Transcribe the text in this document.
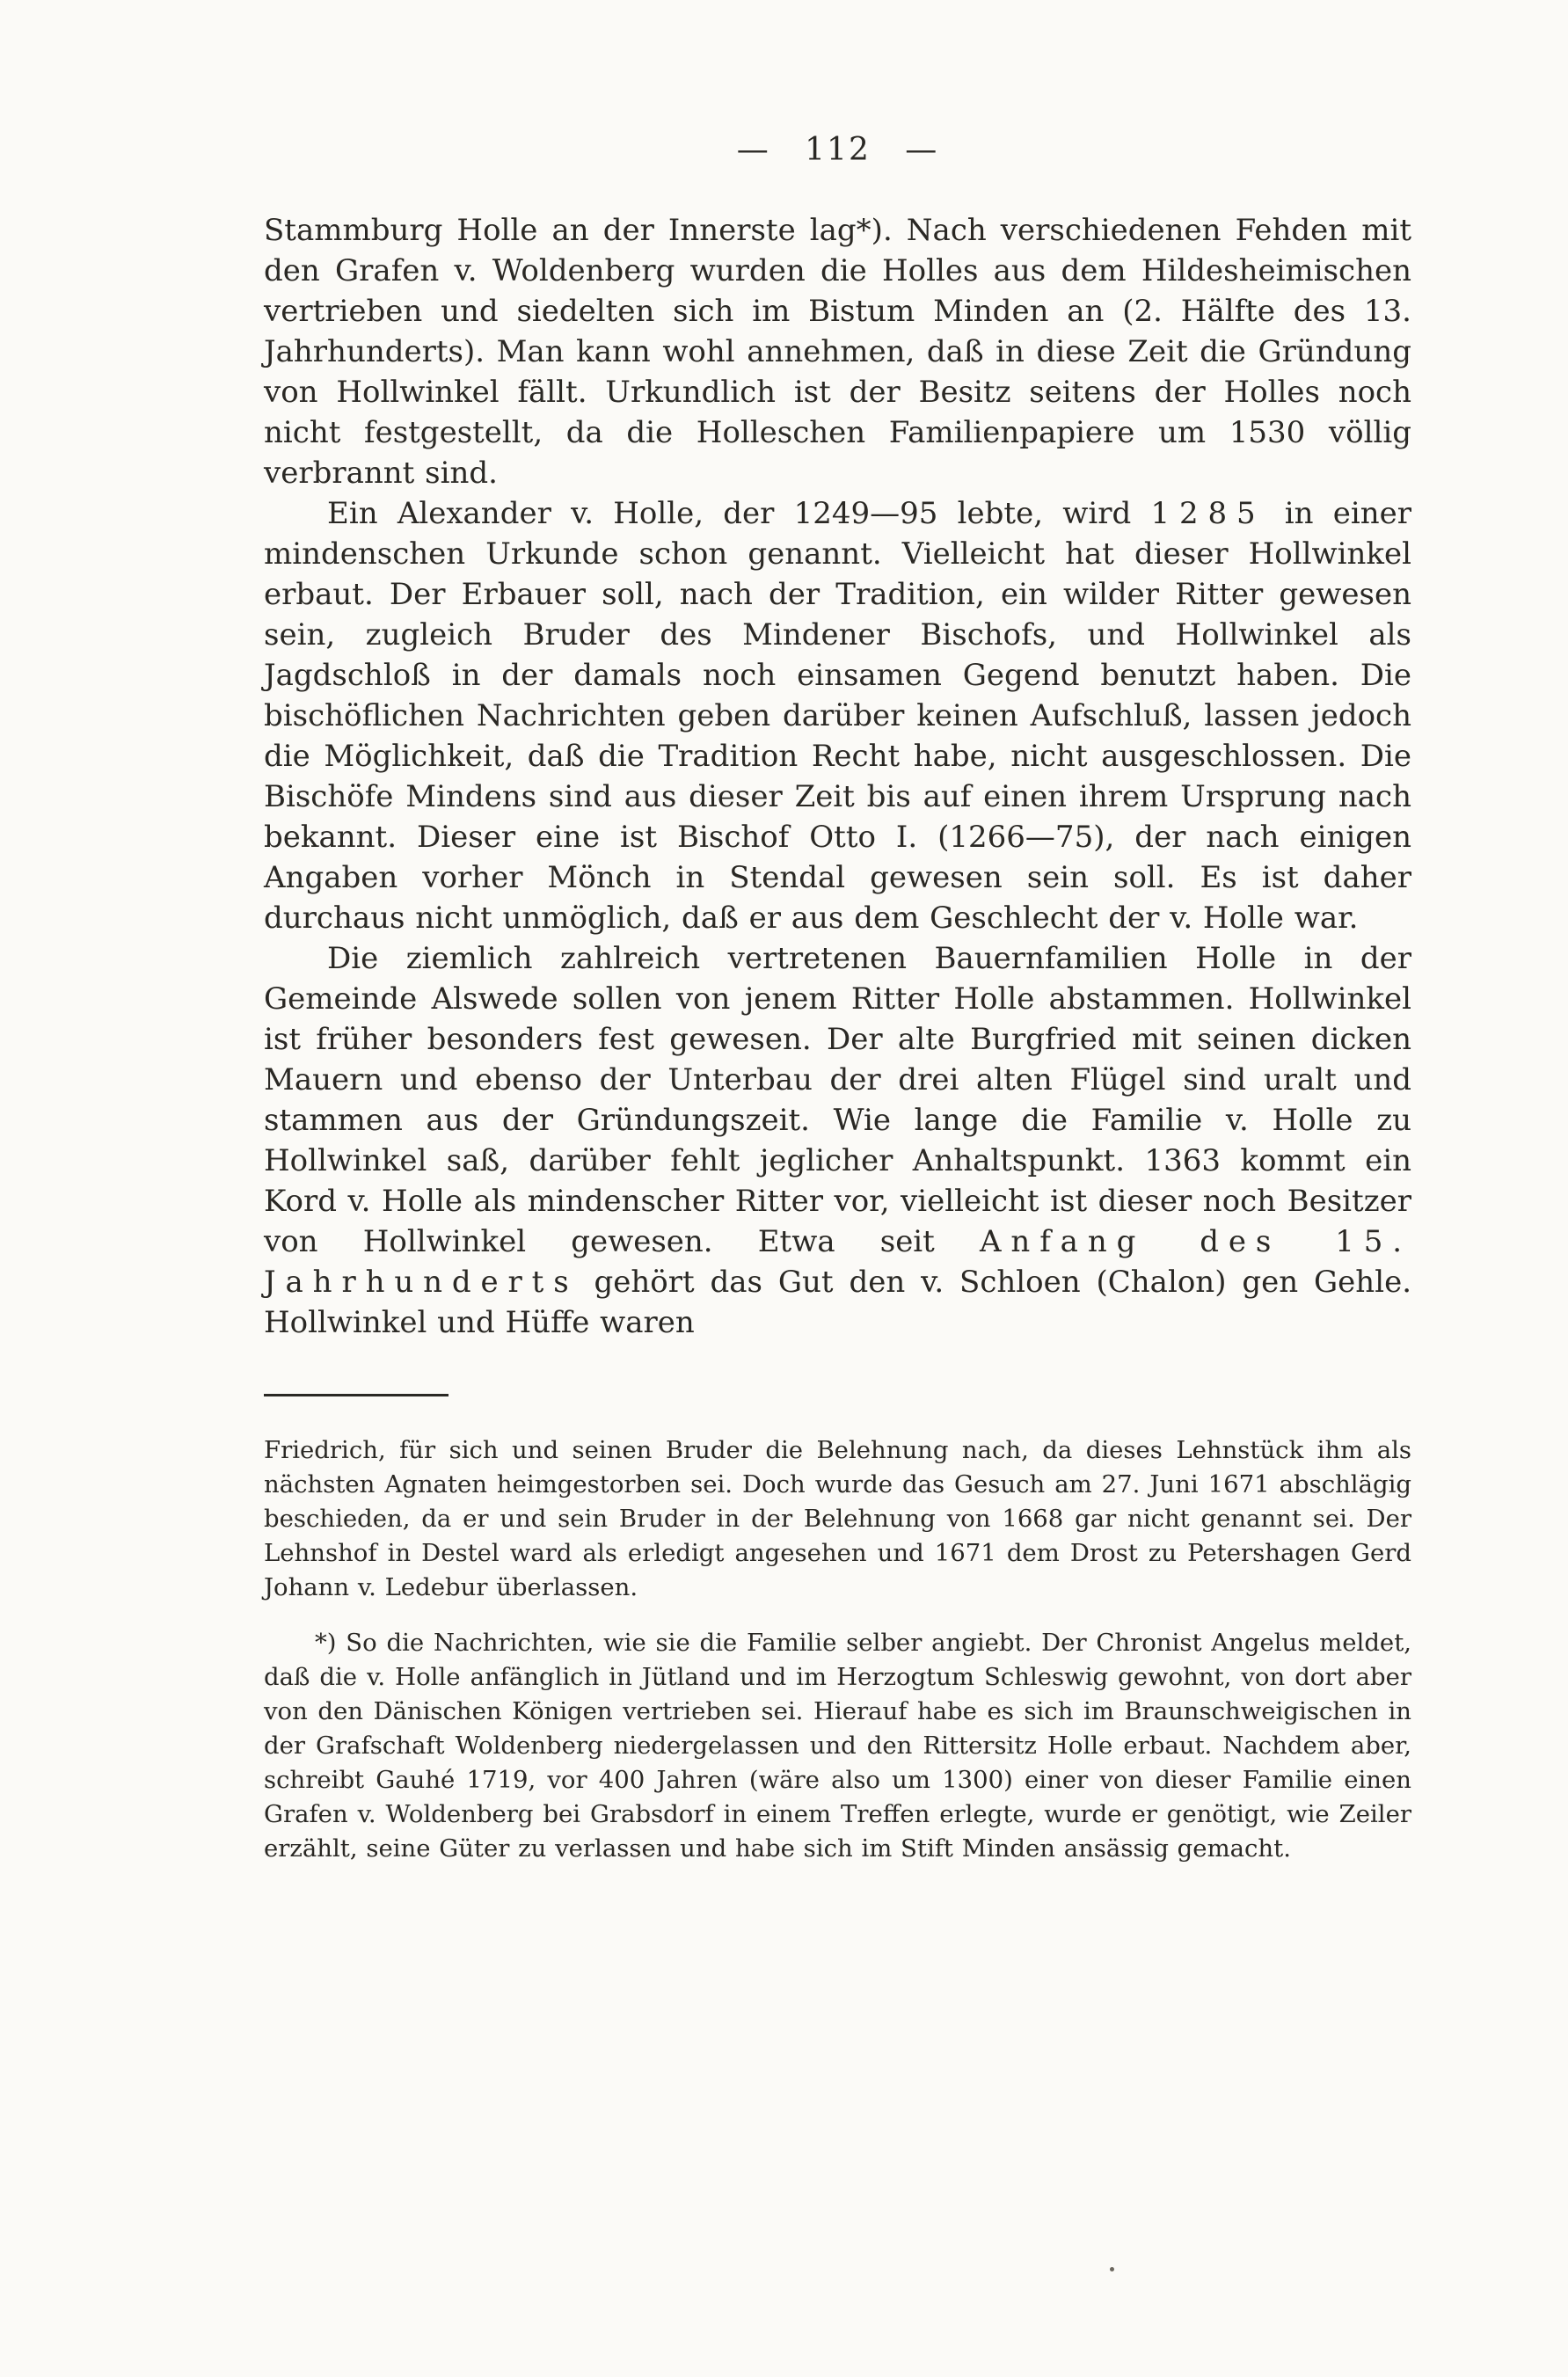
— 112 —

Stammburg Holle an der Innerste lag*). Nach verschiedenen Fehden mit den Grafen v. Woldenberg wurden die Holles aus dem Hildesheimischen vertrieben und siedelten sich im Bistum Minden an (2. Hälfte des 13. Jahrhunderts). Man kann wohl annehmen, daß in diese Zeit die Gründung von Hollwinkel fällt. Urkundlich ist der Besitz seitens der Holles noch nicht festgestellt, da die Holleschen Familienpapiere um 1530 völlig verbrannt sind.

Ein Alexander v. Holle, der 1249—95 lebte, wird 1285 in einer mindenschen Urkunde schon genannt. Vielleicht hat dieser Hollwinkel erbaut. Der Erbauer soll, nach der Tradition, ein wilder Ritter gewesen sein, zugleich Bruder des Mindener Bischofs, und Hollwinkel als Jagdschloß in der damals noch einsamen Gegend benutzt haben. Die bischöflichen Nachrichten geben darüber keinen Aufschluß, lassen jedoch die Möglichkeit, daß die Tradition Recht habe, nicht ausgeschlossen. Die Bischöfe Mindens sind aus dieser Zeit bis auf einen ihrem Ursprung nach bekannt. Dieser eine ist Bischof Otto I. (1266—75), der nach einigen Angaben vorher Mönch in Stendal gewesen sein soll. Es ist daher durchaus nicht unmöglich, daß er aus dem Geschlecht der v. Holle war.

Die ziemlich zahlreich vertretenen Bauernfamilien Holle in der Gemeinde Alswede sollen von jenem Ritter Holle abstammen. Hollwinkel ist früher besonders fest gewesen. Der alte Burgfried mit seinen dicken Mauern und ebenso der Unterbau der drei alten Flügel sind uralt und stammen aus der Gründungszeit. Wie lange die Familie v. Holle zu Hollwinkel saß, darüber fehlt jeglicher Anhaltspunkt. 1363 kommt ein Kord v. Holle als mindenscher Ritter vor, vielleicht ist dieser noch Besitzer von Hollwinkel gewesen. Etwa seit Anfang des 15. Jahrhunderts gehört das Gut den v. Schloen (Chalon) gen Gehle. Hollwinkel und Hüffe waren

Friedrich, für sich und seinen Bruder die Belehnung nach, da dieses Lehnstück ihm als nächsten Agnaten heimgestorben sei. Doch wurde das Gesuch am 27. Juni 1671 abschlägig beschieden, da er und sein Bruder in der Belehnung von 1668 gar nicht genannt sei. Der Lehnshof in Destel ward als erledigt angesehen und 1671 dem Drost zu Petershagen Gerd Johann v. Ledebur überlassen.

*) So die Nachrichten, wie sie die Familie selber angiebt. Der Chronist Angelus meldet, daß die v. Holle anfänglich in Jütland und im Herzogtum Schleswig gewohnt, von dort aber von den Dänischen Königen vertrieben sei. Hierauf habe es sich im Braunschweigischen in der Grafschaft Woldenberg niedergelassen und den Rittersitz Holle erbaut. Nachdem aber, schreibt Gauhé 1719, vor 400 Jahren (wäre also um 1300) einer von dieser Familie einen Grafen v. Woldenberg bei Grabsdorf in einem Treffen erlegte, wurde er genötigt, wie Zeiler erzählt, seine Güter zu verlassen und habe sich im Stift Minden ansässig gemacht.
